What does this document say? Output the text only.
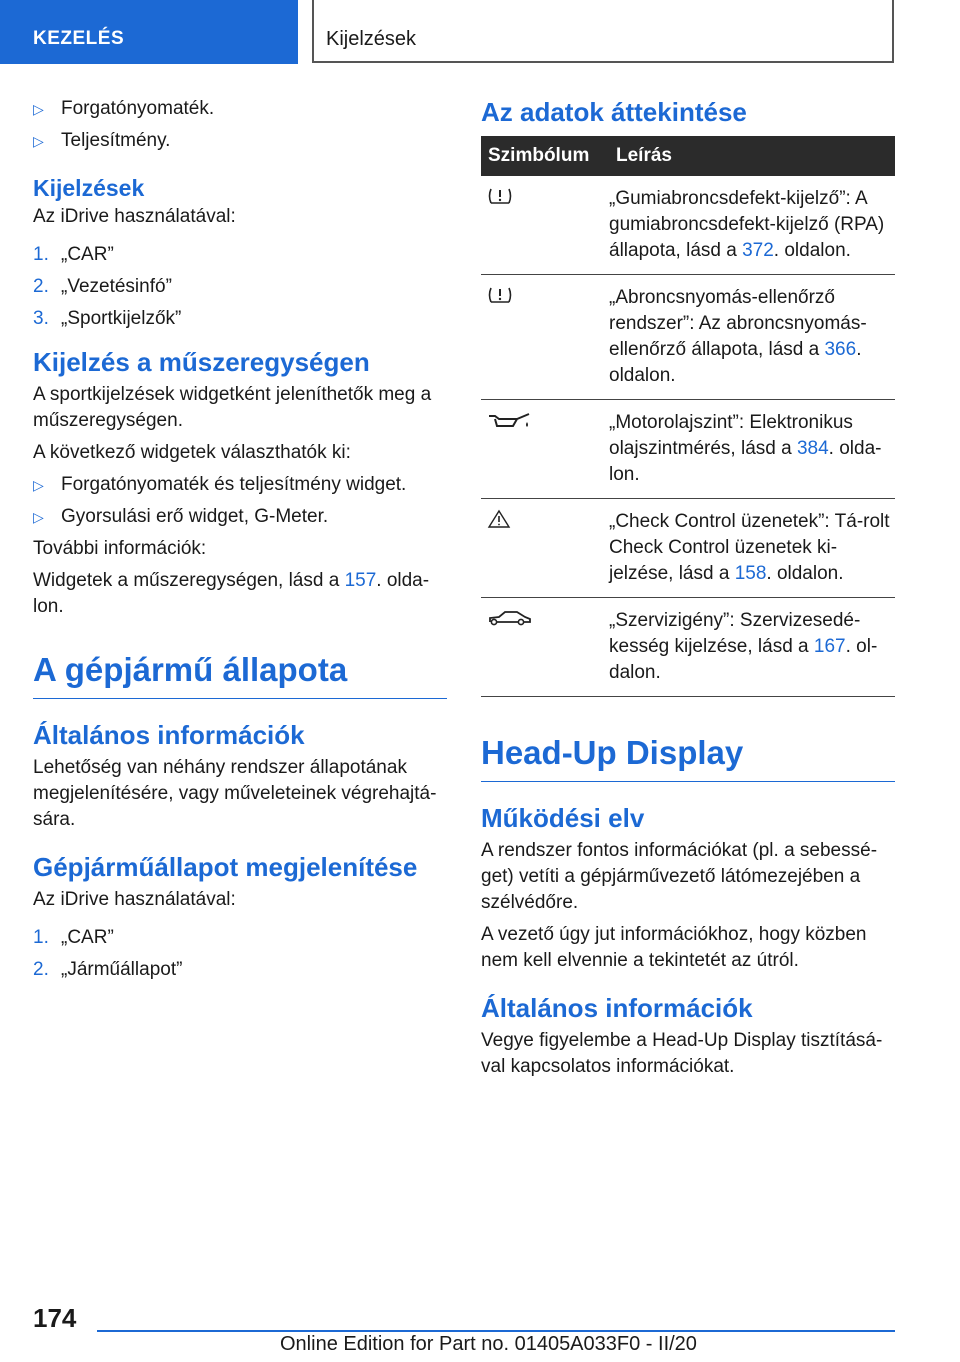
KEZELÉS	Kijelzések
▷ Forgatónyomaték.
▷ Teljesítmény.
Kijelzések
Az iDrive használatával:
1. „CAR”
2. „Vezetésinfó”
3. „Sportkijelzők”
Kijelzés a műszeregységen
A sportkijelzések widgetként jeleníthetők meg a műszeregységen.
A következő widgetek választhatók ki:
▷ Forgatónyomaték és teljesítmény widget.
▷ Gyorsulási erő widget, G-Meter.
További információk:
Widgetek a műszeregységen, lásd a 157. olda-lon.
A gépjármű állapota
Általános információk
Lehetőség van néhány rendszer állapotának megjelenítésére, vagy műveleteinek végrehajtá-sára.
Gépjárműállapot megjelenítése
Az iDrive használatával:
1. „CAR”
2. „Járműállapot”
Az adatok áttekintése
Szimbólum	Leírás
	„Gumiabroncsdefekt-kijelző”: A gumiabroncsdefekt-kijelző (RPA) állapota, lásd a 372. oldalon.
	„Abroncsnyomás-ellenőrző rendszer”: Az abroncsnyomás-ellenőrző állapota, lásd a 366. oldalon.
	„Motorolajszint”: Elektronikus olajszintmérés, lásd a 384. olda-lon.
	„Check Control üzenetek”: Tá-rolt Check Control üzenetek ki-jelzése, lásd a 158. oldalon.
	„Szervizigény”: Szervizesedé-kesség kijelzése, lásd a 167. ol-dalon.
Head-Up Display
Működési elv
A rendszer fontos információkat (pl. a sebessé-get) vetíti a gépjárművezető látómezejében a szélvédőre.
A vezető úgy jut információkhoz, hogy közben nem kell elvennie a tekintetét az útról.
Általános információk
Vegye figyelembe a Head-Up Display tisztításá-val kapcsolatos információkat.
174
Online Edition for Part no. 01405A033F0 - II/20
